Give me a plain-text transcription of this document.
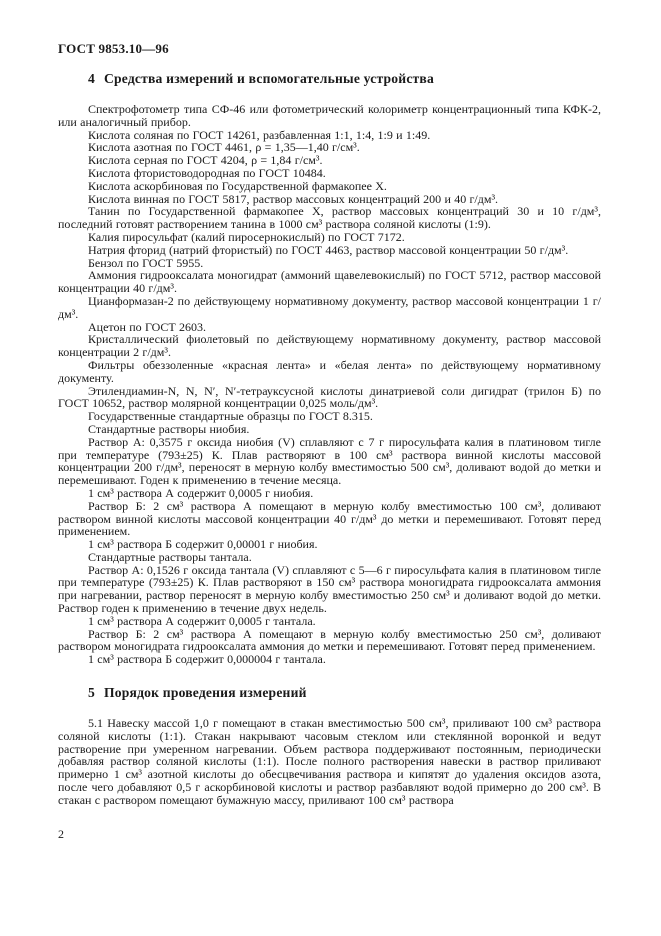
ГОСТ 9853.10—96
4 Средства измерений и вспомогательные устройства

Спектрофотометр типа СФ-46 или фотометрический колориметр концентрационный типа КФК-2, или аналогичный прибор.

Кислота соляная по ГОСТ 14261, разбавленная 1:1, 1:4, 1:9 и 1:49.

Кислота азотная по ГОСТ 4461, ρ = 1,35—1,40 г/см³.

Кислота серная по ГОСТ 4204, ρ = 1,84 г/см³.

Кислота фтористоводородная по ГОСТ 10484.

Кислота аскорбиновая по Государственной фармакопее X.

Кислота винная по ГОСТ 5817, раствор массовых концентраций 200 и 40 г/дм³.

Танин по Государственной фармакопее X, раствор массовых концентраций 30 и 10 г/дм³, последний готовят растворением танина в 1000 см³ раствора соляной кислоты (1:9).

Калия пиросульфат (калий пиросернокислый) по ГОСТ 7172.

Натрия фторид (натрий фтористый) по ГОСТ 4463, раствор массовой концентрации 50 г/дм³.

Бензол по ГОСТ 5955.

Аммония гидрооксалата моногидрат (аммоний щавелевокислый) по ГОСТ 5712, раствор массовой концентрации 40 г/дм³.

Цианформазан-2 по действующему нормативному документу, раствор массовой концентрации 1 г/дм³.

Ацетон по ГОСТ 2603.

Кристаллический фиолетовый по действующему нормативному документу, раствор массовой концентрации 2 г/дм³.

Фильтры обеззоленные «красная лента» и «белая лента» по действующему нормативному документу.

Этилендиамин-N, N, N′, N′-тетрауксусной кислоты динатриевой соли дигидрат (трилон Б) по ГОСТ 10652, раствор молярной концентрации 0,025 моль/дм³.

Государственные стандартные образцы по ГОСТ 8.315.

Стандартные растворы ниобия.

Раствор А: 0,3575 г оксида ниобия (V) сплавляют с 7 г пиросульфата калия в платиновом тигле при температуре (793±25) К. Плав растворяют в 100 см³ раствора винной кислоты массовой концентрации 200 г/дм³, переносят в мерную колбу вместимостью 500 см³, доливают водой до метки и перемешивают. Годен к применению в течение месяца.

1 см³ раствора А содержит 0,0005 г ниобия.

Раствор Б: 2 см³ раствора А помещают в мерную колбу вместимостью 100 см³, доливают раствором винной кислоты массовой концентрации 40 г/дм³ до метки и перемешивают. Готовят перед применением.

1 см³ раствора Б содержит 0,00001 г ниобия.

Стандартные растворы тантала.

Раствор А: 0,1526 г оксида тантала (V) сплавляют с 5—6 г пиросульфата калия в платиновом тигле при температуре (793±25) К. Плав растворяют в 150 см³ раствора моногидрата гидрооксалата аммония при нагревании, раствор переносят в мерную колбу вместимостью 250 см³ и доливают водой до метки. Раствор годен к применению в течение двух недель.

1 см³ раствора А содержит 0,0005 г тантала.

Раствор Б: 2 см³ раствора А помещают в мерную колбу вместимостью 250 см³, доливают раствором моногидрата гидрооксалата аммония до метки и перемешивают. Готовят перед применением.

1 см³ раствора Б содержит 0,000004 г тантала.

5 Порядок проведения измерений

5.1 Навеску массой 1,0 г помещают в стакан вместимостью 500 см³, приливают 100 см³ раствора соляной кислоты (1:1). Стакан накрывают часовым стеклом или стеклянной воронкой и ведут растворение при умеренном нагревании. Объем раствора поддерживают постоянным, периодически добавляя раствор соляной кислоты (1:1). После полного растворения навески в раствор приливают примерно 1 см³ азотной кислоты до обесцвечивания раствора и кипятят до удаления оксидов азота, после чего добавляют 0,5 г аскорбиновой кислоты и раствор разбавляют водой примерно до 200 см³. В стакан с раствором помещают бумажную массу, приливают 100 см³ раствора

2
